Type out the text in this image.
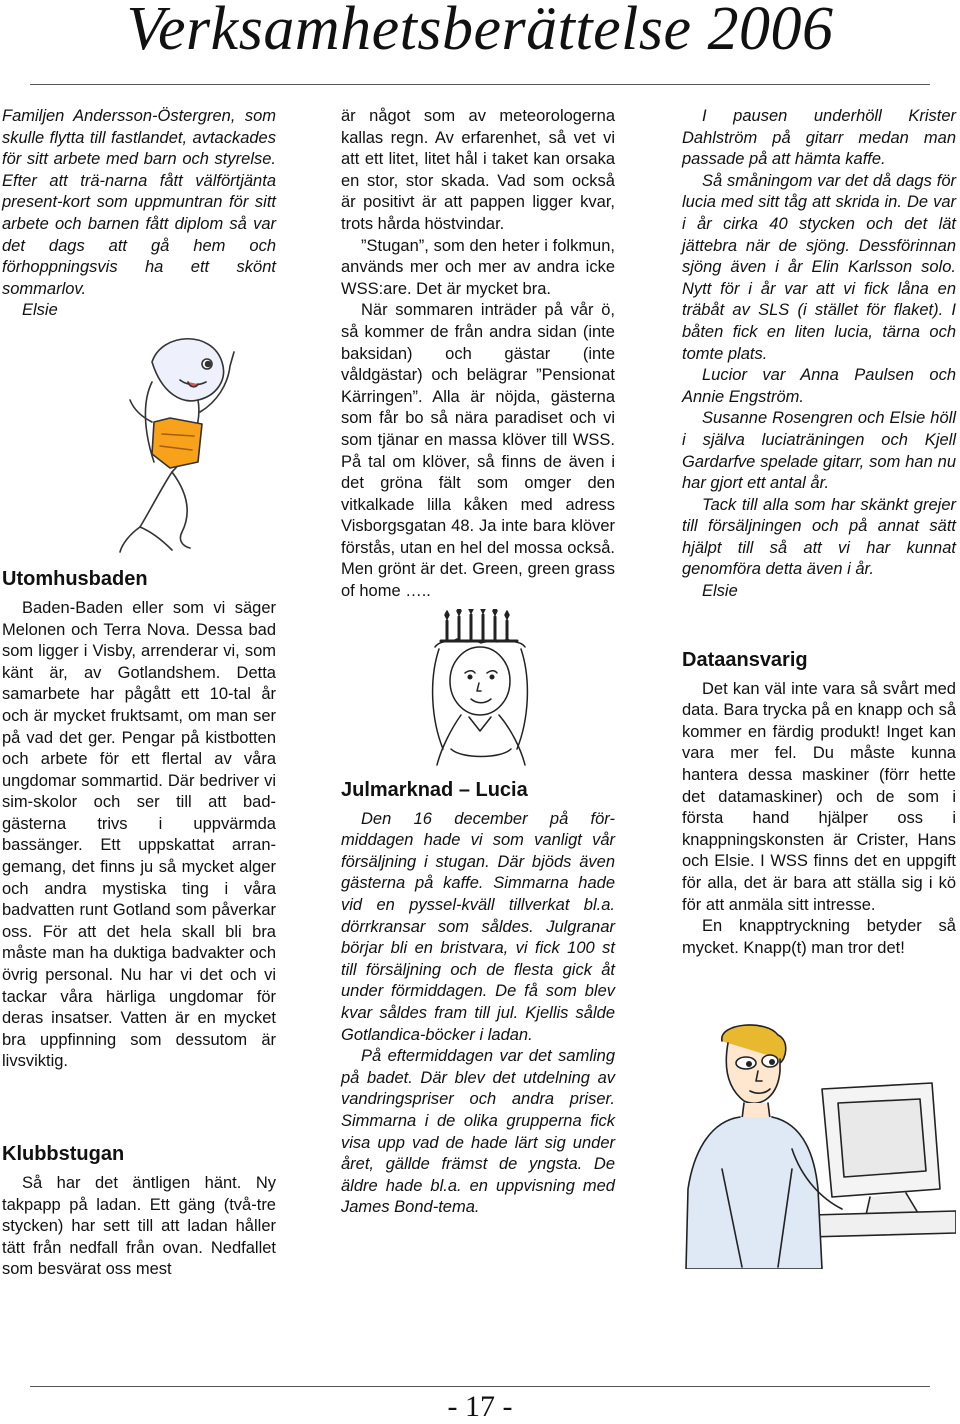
Verksamhetsberättelse 2006

Familjen Andersson-Östergren, som skulle flytta till fastlandet, avtackades för sitt arbete med barn och styrelse. Efter att trä-narna fått välförtjänta present-kort som uppmuntran för sitt arbete och barnen fått diplom så var det dags att gå hem och förhoppningsvis ha ett skönt sommarlov.

Elsie

Utomhusbaden

Baden-Baden eller som vi säger Melonen och Terra Nova. Dessa bad som ligger i Visby, arrenderar vi, som känt är, av Gotlandshem. Detta samarbete har pågått ett 10-tal år och är mycket fruktsamt, om man ser på vad det ger. Pengar på kistbotten och arbete för ett flertal av våra ungdomar sommartid. Där bedriver vi sim-skolor och ser till att bad-gästerna trivs i uppvärmda bassänger. Ett uppskattat arran-gemang, det finns ju så mycket alger och andra mystiska ting i våra badvatten runt Gotland som påverkar oss. För att det hela skall bli bra måste man ha duktiga badvakter och övrig personal. Nu har vi det och vi tackar våra härliga ungdomar för deras insatser. Vatten är en mycket bra uppfinning som dessutom är livsviktig.

Klubbstugan

Så har det äntligen hänt. Ny takpapp på ladan. Ett gäng (två-tre stycken) har sett till att ladan håller tätt från nedfall från ovan. Nedfallet som besvärat oss mest

är något som av meteorologerna kallas regn. Av erfarenhet, så vet vi att ett litet, litet hål i taket kan orsaka en stor, stor skada. Vad som också är positivt är att pappen ligger kvar, trots hårda höstvindar.

”Stugan”, som den heter i folkmun, används mer och mer av andra icke WSS:are. Det är mycket bra.

När sommaren inträder på vår ö, så kommer de från andra sidan (inte baksidan) och gästar (inte våldgästar) och belägrar ”Pensionat Kärringen”. Alla är nöjda, gästerna som får bo så nära paradiset och vi som tjänar en massa klöver till WSS. På tal om klöver, så finns de även i det gröna fält som omger den vitkalkade lilla kåken med adress Visborgsgatan 48. Ja inte bara klöver förstås, utan en hel del mossa också. Men grönt är det. Green, green grass of home …..

Julmarknad – Lucia

Den 16 december på för-middagen hade vi som vanligt vår försäljning i stugan. Där bjöds även gästerna på kaffe. Simmarna hade vid en pyssel-kväll tillverkat bl.a. dörrkransar som såldes. Julgranar börjar bli en bristvara, vi fick 100 st till försäljning och de flesta gick åt under förmiddagen. De få som blev kvar såldes fram till jul. Kjellis sålde Gotlandica-böcker i ladan.

På eftermiddagen var det samling på badet. Där blev det utdelning av vandringspriser och andra priser. Simmarna i de olika grupperna fick visa upp vad de hade lärt sig under året, gällde främst de yngsta. De äldre hade bl.a. en uppvisning med James Bond-tema.

I pausen underhöll Krister Dahlström på gitarr medan man passade på att hämta kaffe.

Så småningom var det då dags för lucia med sitt tåg att skrida in. De var i år cirka 40 stycken och det lät jättebra när de sjöng. Dessförinnan sjöng även i år Elin Karlsson solo. Nytt för i år var att vi fick låna en träbåt av SLS (i stället för flaket). I båten fick en liten lucia, tärna och tomte plats.

Lucior var Anna Paulsen och Annie Engström.

Susanne Rosengren och Elsie höll i själva luciaträningen och Kjell Gardarfve spelade gitarr, som han nu har gjort ett antal år.

Tack till alla som har skänkt grejer till försäljningen och på annat sätt hjälpt till så att vi har kunnat genomföra detta även i år.

Elsie

Dataansvarig

Det kan väl inte vara så svårt med data. Bara trycka på en knapp och så kommer en färdig produkt! Inget kan vara mer fel. Du måste kunna hantera dessa maskiner (förr hette det datamaskiner) och de som i första hand hjälper oss i knappningskonsten är Crister, Hans och Elsie. I WSS finns det en uppgift för alla, det är bara att ställa sig i kö för att anmäla sitt intresse.

En knapptryckning betyder så mycket. Knapp(t) man tror det!

- 17 -
